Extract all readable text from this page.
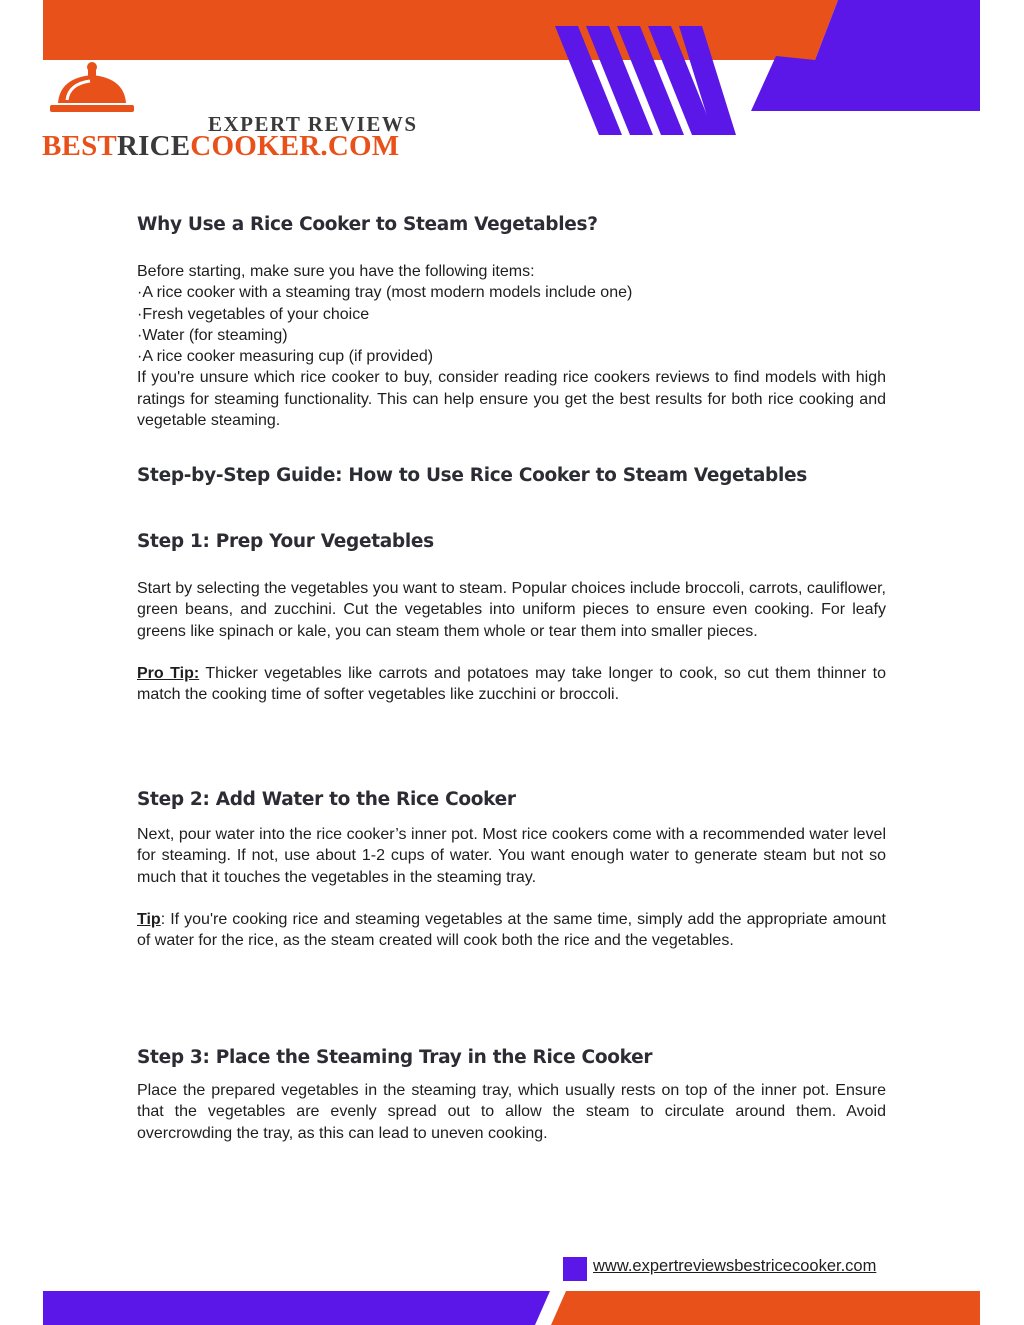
EXPERT REVIEWS
BESTRICECOOKER.COM
Why Use a Rice Cooker to Steam Vegetables?

Before starting, make sure you have the following items:

·A rice cooker with a steaming tray (most modern models include one)

·Fresh vegetables of your choice

·Water (for steaming)

·A rice cooker measuring cup (if provided)

If you're unsure which rice cooker to buy, consider reading rice cookers reviews to find models with high ratings for steaming functionality. This can help ensure you get the best results for both rice cooking and vegetable steaming.

Step-by-Step Guide: How to Use Rice Cooker to Steam Vegetables
Step 1: Prep Your Vegetables

Start by selecting the vegetables you want to steam. Popular choices include broccoli, carrots, cauliflower, green beans, and zucchini. Cut the vegetables into uniform pieces to ensure even cooking. For leafy greens like spinach or kale, you can steam them whole or tear them into smaller pieces.

Pro Tip: Thicker vegetables like carrots and potatoes may take longer to cook, so cut them thinner to match the cooking time of softer vegetables like zucchini or broccoli.

Step 2: Add Water to the Rice Cooker

Next, pour water into the rice cooker’s inner pot. Most rice cookers come with a recommended water level for steaming. If not, use about 1-2 cups of water. You want enough water to generate steam but not so much that it touches the vegetables in the steaming tray.

Tip: If you're cooking rice and steaming vegetables at the same time, simply add the appropriate amount of water for the rice, as the steam created will cook both the rice and the vegetables.

Step 3: Place the Steaming Tray in the Rice Cooker

Place the prepared vegetables in the steaming tray, which usually rests on top of the inner pot. Ensure that the vegetables are evenly spread out to allow the steam to circulate around them. Avoid overcrowding the tray, as this can lead to uneven cooking.

www.expertreviewsbestricecooker.com
